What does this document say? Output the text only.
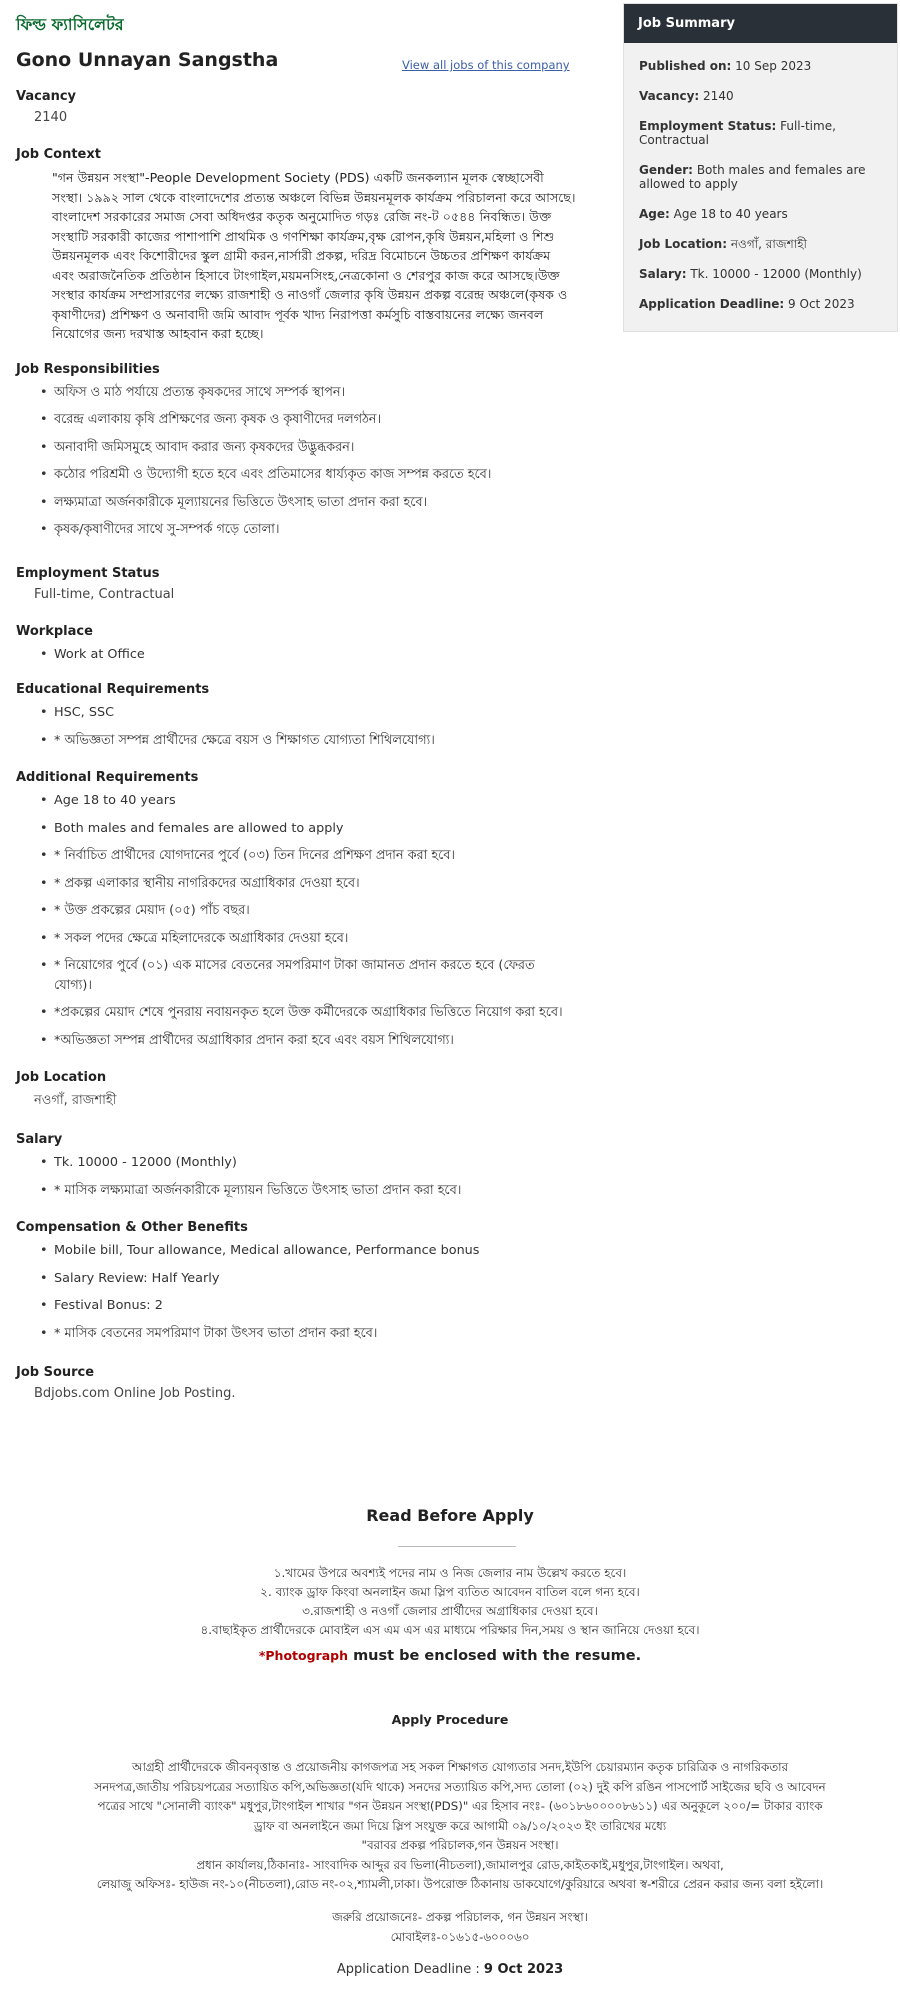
ফিল্ড ফ্যাসিলেটর
Gono Unnayan Sangstha
Vacancy
2140
Job Context

"গন উন্নয়ন সংস্থা"-People Development Society (PDS) একটি জনকল্যান মূলক স্বেচ্ছাসেবী সংস্থা। ১৯৯২ সাল থেকে বাংলাদেশের প্রত্যন্ত অঞ্চলে বিভিন্ন উন্নয়নমূলক কার্যক্রম পরিচালনা করে আসছে। বাংলাদেশ সরকারের সমাজ সেবা অধিদপ্তর কতৃক অনুমোদিত গড়ঃ রেজি নং-ট ০৫৪৪ নিবন্ধিত। উক্ত সংস্থাটি সরকারী কাজের পাশাপাশি প্রাথমিক ও গণশিক্ষা কার্যক্রম,বৃক্ষ রোপন,কৃষি উন্নয়ন,মহিলা ও শিশু উন্নয়নমূলক এবং কিশোরীদের স্কুল গ্রামী করন,নার্সারী প্রকল্প, দরিদ্র বিমোচনে উচ্চতর প্রশিক্ষণ কার্যক্রম এবং অরাজনৈতিক প্রতিষ্ঠান হিসাবে টাংগাইল,ময়মনসিংহ,নেত্রকোনা ও শেরপুর কাজ করে আসছে।উক্ত সংস্থার কার্যক্রম সম্প্রসারণের লক্ষ্যে রাজশাহী ও নাওগাঁ জেলার কৃষি উন্নয়ন প্রকল্প বরেন্দ্র অঞ্চলে(কৃষক ও কৃষাণীদের) প্রশিক্ষণ ও অনাবাদী জমি আবাদ পূর্বক খাদ্য নিরাপত্তা কর্মসুচি বাস্তবায়নের লক্ষ্যে জনবল নিয়োগের জন্য দরখাস্ত আহবান করা হচ্ছে।

Job Responsibilities
• অফিস ও মাঠ পর্যায়ে প্রত্যন্ত কৃষকদের সাথে সম্পর্ক স্থাপন।
• বরেন্দ্র এলাকায় কৃষি প্রশিক্ষণের জন্য কৃষক ও কৃষাণীদের দলগঠন।
• অনাবাদী জমিসমুহে আবাদ করার জন্য কৃষকদের উদ্ভুব্ধকরন।
• কঠোর পরিশ্রমী ও উদ্যোগী হতে হবে এবং প্রতিমাসের ধার্য্যকৃত কাজ সম্পন্ন করতে হবে।
• লক্ষ্যমাত্রা অর্জনকারীকে মূল্যায়নের ভিত্তিতে উৎসাহ ভাতা প্রদান করা হবে।
• কৃষক/কৃষাণীদের সাথে সু-সম্পর্ক গড়ে তোলা।
Employment Status
Full-time, Contractual
Workplace
• Work at Office
Educational Requirements
• HSC, SSC
• * অভিজ্ঞতা সম্পন্ন প্রার্থীদের ক্ষেত্রে বয়স ও শিক্ষাগত যোগ্যতা শিথিলযোগ্য।
Additional Requirements
• Age 18 to 40 years
• Both males and females are allowed to apply
• * নির্বাচিত প্রার্থীদের যোগদানের পুর্বে (০৩) তিন দিনের প্রশিক্ষণ প্রদান করা হবে।
• * প্রকল্প এলাকার স্থানীয় নাগরিকদের অগ্রাধিকার দেওয়া হবে।
• * উক্ত প্রকল্পের মেয়াদ (০৫) পাঁচ বছর।
• * সকল পদের ক্ষেত্রে মহিলাদেরকে অগ্রাধিকার দেওয়া হবে।
• * নিয়োগের পুর্বে (০১) এক মাসের বেতনের সমপরিমাণ টাকা জামানত প্রদান করতে হবে (ফেরত যোগ্য)।
• *প্রকল্পের মেয়াদ শেষে পুনরায় নবায়নকৃত হলে উক্ত কর্মীদেরকে অগ্রাধিকার ভিত্তিতে নিয়োগ করা হবে।
• *অভিজ্ঞতা সম্পন্ন প্রার্থীদের অগ্রাধিকার প্রদান করা হবে এবং বয়স শিথিলযোগ্য।
Job Location
নওগাঁ, রাজশাহী
Salary
• Tk. 10000 - 12000 (Monthly)
• * মাসিক লক্ষ্যমাত্রা অর্জনকারীকে মূল্যায়ন ভিত্তিতে উৎসাহ ভাতা প্রদান করা হবে।
Compensation & Other Benefits
• Mobile bill, Tour allowance, Medical allowance, Performance bonus
• Salary Review: Half Yearly
• Festival Bonus: 2
• * মাসিক বেতনের সমপরিমাণ টাকা উৎসব ভাতা প্রদান করা হবে।
Job Source
Bdjobs.com Online Job Posting.
View all jobs of this company
Job Summary
Published on: 10 Sep 2023
Vacancy: 2140
Employment Status: Full-time, Contractual
Gender: Both males and females are allowed to apply
Age: Age 18 to 40 years
Job Location: নওগাঁ, রাজশাহী
Salary: Tk. 10000 - 12000 (Monthly)
Application Deadline: 9 Oct 2023
Read Before Apply
১.খামের উপরে অবশ্যই পদের নাম ও নিজ জেলার নাম উল্লেখ করতে হবে।
২. ব্যাংক ড্রাফ কিংবা অনলাইন জমা স্লিপ ব্যতিত আবেদন বাতিল বলে গন্য হবে।
৩.রাজশাহী ও নওগাঁ জেলার প্রার্থীদের অগ্রাধিকার দেওয়া হবে।
৪.বাছাইকৃত প্রার্থীদেরকে মোবাইল এস এম এস এর মাধ্যমে পরিক্ষার দিন,সময় ও স্থান জানিয়ে দেওয়া হবে।
*Photograph must be enclosed with the resume.
Apply Procedure
আগ্রহী প্রার্থীদেরকে জীবনবৃত্তান্ত ও প্রয়োজনীয় কাগজপত্র সহ সকল শিক্ষাগত যোগ্যতার সনদ,ইউপি চেয়ারম্যান কতৃক চারিত্রিক ও নাগরিকতার
সনদপত্র,জাতীয় পরিচয়পত্রের সত্যায়িত কপি,অভিজ্ঞতা(যদি থাকে) সনদের সত্যায়িত কপি,সদ্য তোলা (০২) দুই কপি রঙিন পাসপোর্ট সাইজের ছবি ও আবেদন
পত্রের সাথে "সোনালী ব্যাংক" মধুপুর,টাংগাইল শাখার "গন উন্নয়ন সংস্থা(PDS)" এর হিসাব নংঃ- (৬০১৮৬০০০০৮৬১১) এর অনুকূলে ২০০/= টাকার ব্যাংক
ড্রাফ বা অনলাইনে জমা দিয়ে স্লিপ সংযুক্ত করে আগামী ০৯/১০/২০২৩ ইং তারিখের মধ্যে
"বরাবর প্রকল্প পরিচালক,গন উন্নয়ন সংস্থা।
প্রধান কার্যালয়,ঠিকানাঃ- সাংবাদিক আব্দুর রব ভিলা(নীচতলা),জামালপুর রোড,কাইতকাই,মধুপুর,টাংগাইল। অথবা,
লেয়াজু অফিসঃ- হাউজ নং-১০(নীচতলা),রোড নং-০২,শ্যামলী,ঢাকা। উপরোক্ত ঠিকানায় ডাকযোগে/কুরিয়ারে অথবা স্ব-শরীরে প্রেরন করার জন্য বলা হইলো।
জরুরি প্রয়োজনেঃ- প্রকল্প পরিচালক, গন উন্নয়ন সংস্থা।
মোবাইলঃ-০১৬১৫-৬০০০৬০
Application Deadline : 9 Oct 2023
